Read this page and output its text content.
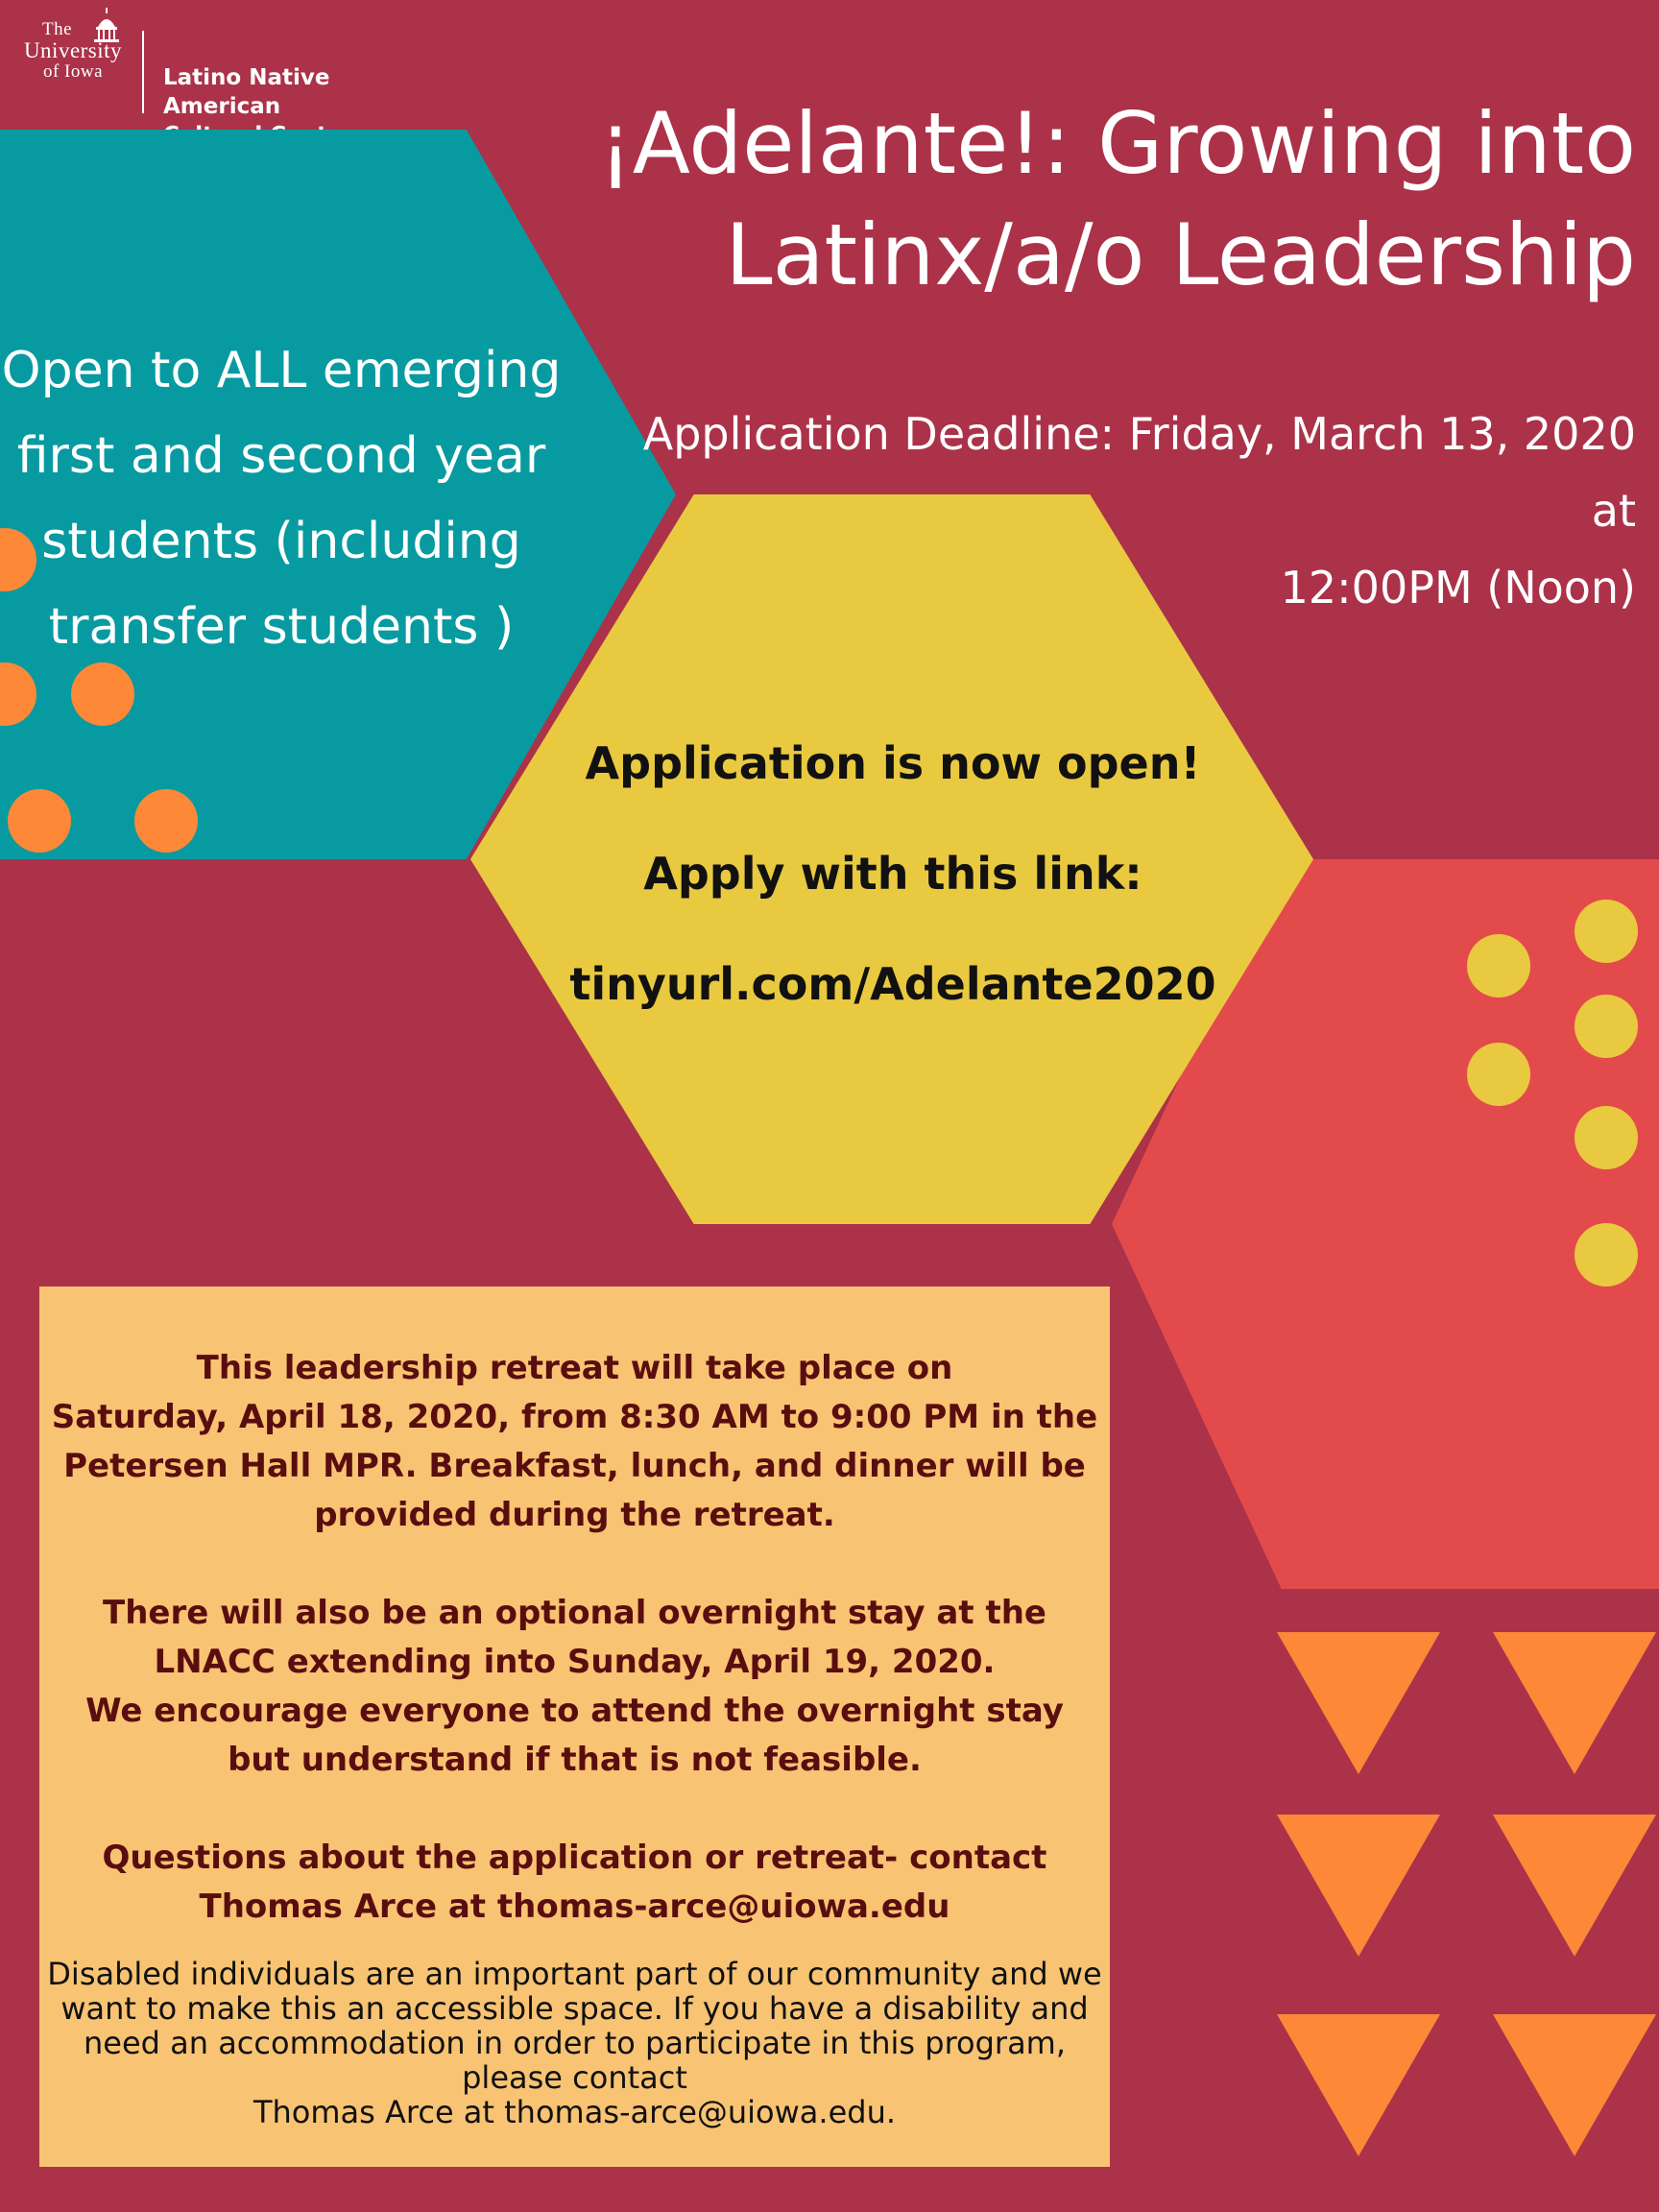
The
University
of Iowa	Latino Native American	¡Adelante!: Growing into
Latinx/a/o Leadership
Application Deadline: Friday, March 13, 2020 at
12:00PM (Noon)
Open to ALL emerging
first and second year
students (including
transfer students )
Application is now open!
Apply with this link:
tinyurl.com/Adelante2020
This leadership retreat will take place on
Saturday, April 18, 2020, from 8:30 AM to 9:00 PM in the
Petersen Hall MPR. Breakfast, lunch, and dinner will be
provided during the retreat.
There will also be an optional overnight stay at the
LNACC extending into Sunday, April 19, 2020.
We encourage everyone to attend the overnight stay
but understand if that is not feasible.
Questions about the application or retreat- contact
Thomas Arce at thomas-arce@uiowa.edu
Disabled individuals are an important part of our community and we
want to make this an accessible space. If you have a disability and
need an accommodation in order to participate in this program,
please contact
Thomas Arce at thomas-arce@uiowa.edu.
